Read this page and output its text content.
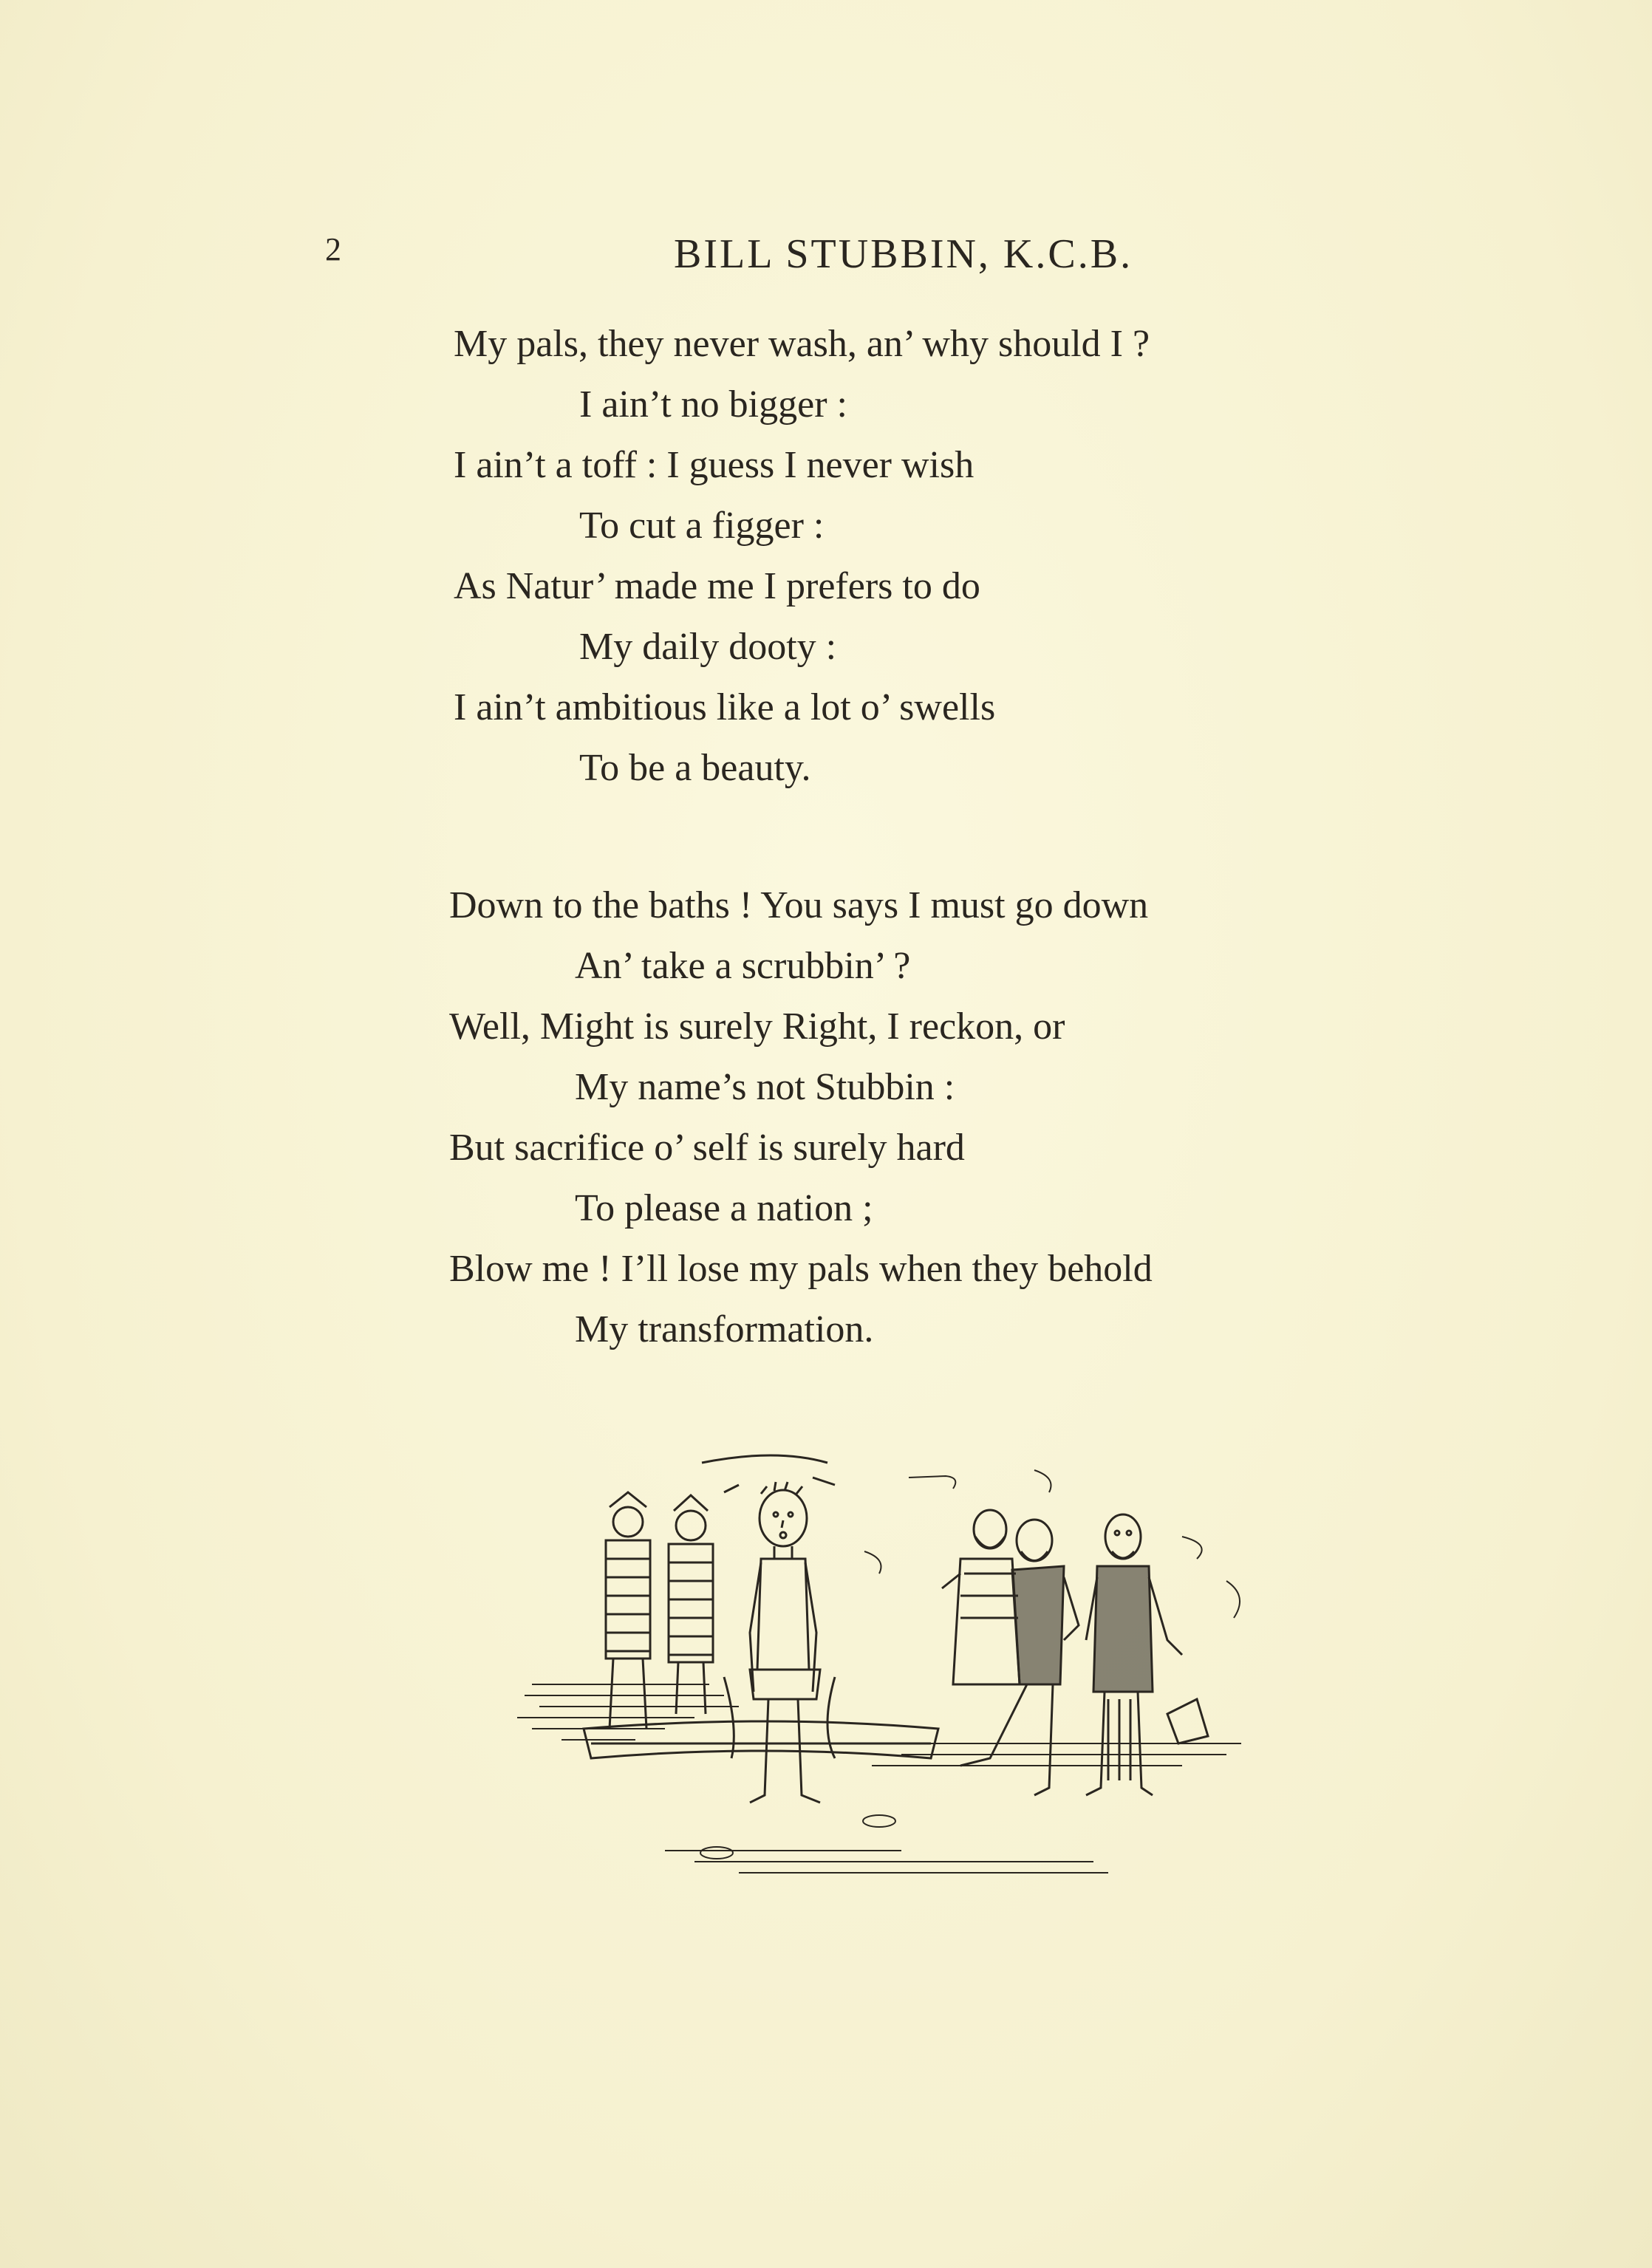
2	BILL STUBBIN, K.C.B.
My pals, they never wash, an’ why should I ?
I ain’t no bigger :
I ain’t a toff : I guess I never wish
To cut a figger :
As Natur’ made me I prefers to do
My daily dooty :
I ain’t ambitious like a lot o’ swells
To be a beauty.
Down to the baths ! You says I must go down
An’ take a scrubbin’ ?
Well, Might is surely Right, I reckon, or
My name’s not Stubbin :
But sacrifice o’ self is surely hard
To please a nation ;
Blow me ! I’ll lose my pals when they behold
My transformation.
